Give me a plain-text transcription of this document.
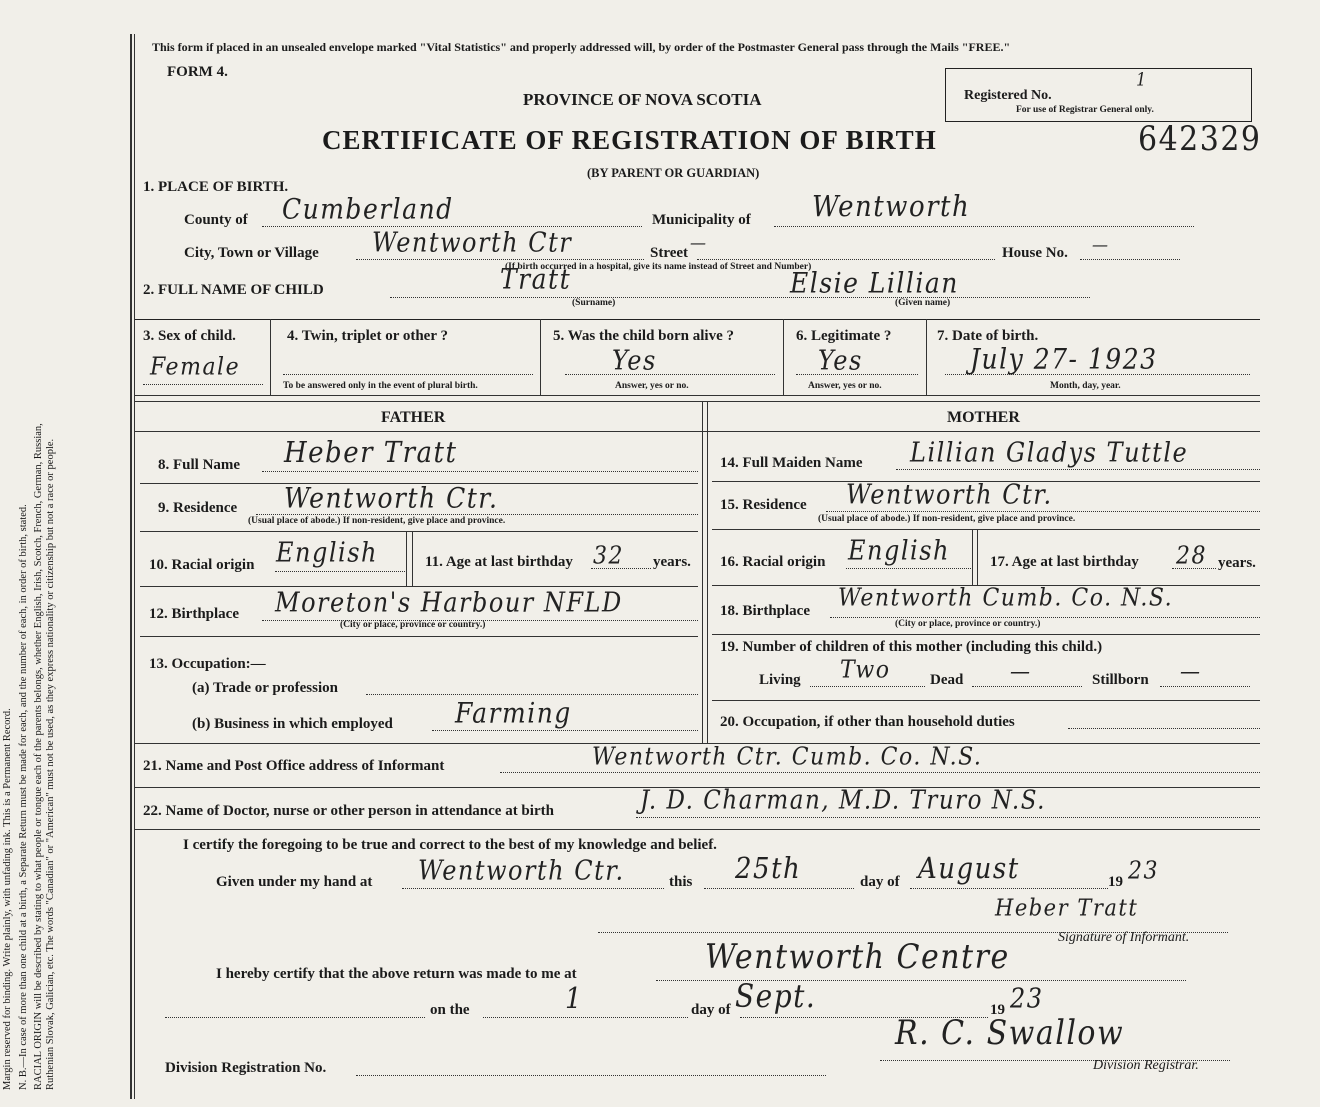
Margin reserved for binding. Write plainly, with unfading ink. This is a Permanent Record. N. B.—In case of more than one child at a birth, a Separate Return must be made for each, and the number of each, in order of birth, stated. RACIAL ORIGIN will be described by stating to what people or tongue each of the parents belongs, whether English, Irish, Scotch, French, German, Russian, Ruthenian Slovak, Galician, etc. The words "Canadian" or "American" must not be used, as they express nationality or citizenship but not a race or people.
This form if placed in an unsealed envelope marked "Vital Statistics" and properly addressed will, by order of the Postmaster General pass through the Mails "FREE."
FORM 4.
PROVINCE OF NOVA SCOTIA
CERTIFICATE OF REGISTRATION OF BIRTH
(BY PARENT OR GUARDIAN)
Registered No.
1
For use of Registrar General only.
642329
1. PLACE OF BIRTH.
County of Cumberland	Municipality of Wentworth
City, Town or Village Wentworth Ctr	Street —	House No. —
(If birth occurred in a hospital, give its name instead of Street and Number)
2. FULL NAME OF CHILD	Tratt
(Surname)
Elsie Lillian
(Given name)
3. Sex of child.
Female
4. Twin, triplet or other ?
To be answered only in the event of plural birth.
5. Was the child born alive ?
Yes
Answer, yes or no.
6. Legitimate ?
Yes
Answer, yes or no.
7. Date of birth.
July 27- 1923
Month, day, year.
FATHER	MOTHER
8. Full Name Heber Tratt
9. Residence Wentworth Ctr.
(Usual place of abode.) If non-resident, give place and province.
10. Racial origin English	11. Age at last birthday 32 years.
12. Birthplace Moreton's Harbour NFLD
(City or place, province or country.)
13. Occupation:—
(a) Trade or profession
(b) Business in which employed Farming
14. Full Maiden Name Lillian Gladys Tuttle
15. Residence Wentworth Ctr.
(Usual place of abode.) If non-resident, give place and province.
16. Racial origin English	17. Age at last birthday 28 years.
18. Birthplace Wentworth Cumb. Co. N.S.
(City or place, province or country.)
19. Number of children of this mother (including this child.)
Living Two	Dead —	Stillborn —
20. Occupation, if other than household duties
21. Name and Post Office address of Informant	Wentworth Ctr. Cumb. Co. N.S.
22. Name of Doctor, nurse or other person in attendance at birth	J. D. Charman, M.D. Truro N.S.
I certify the foregoing to be true and correct to the best of my knowledge and belief.
Given under my hand at Wentworth Ctr.	this 25th	day of August	19 23
Heber Tratt
Signature of Informant.
I hereby certify that the above return was made to me at	Wentworth Centre
on the	1	day of Sept.	19 23
R. C. Swallow
Division Registration No.	Division Registrar.
